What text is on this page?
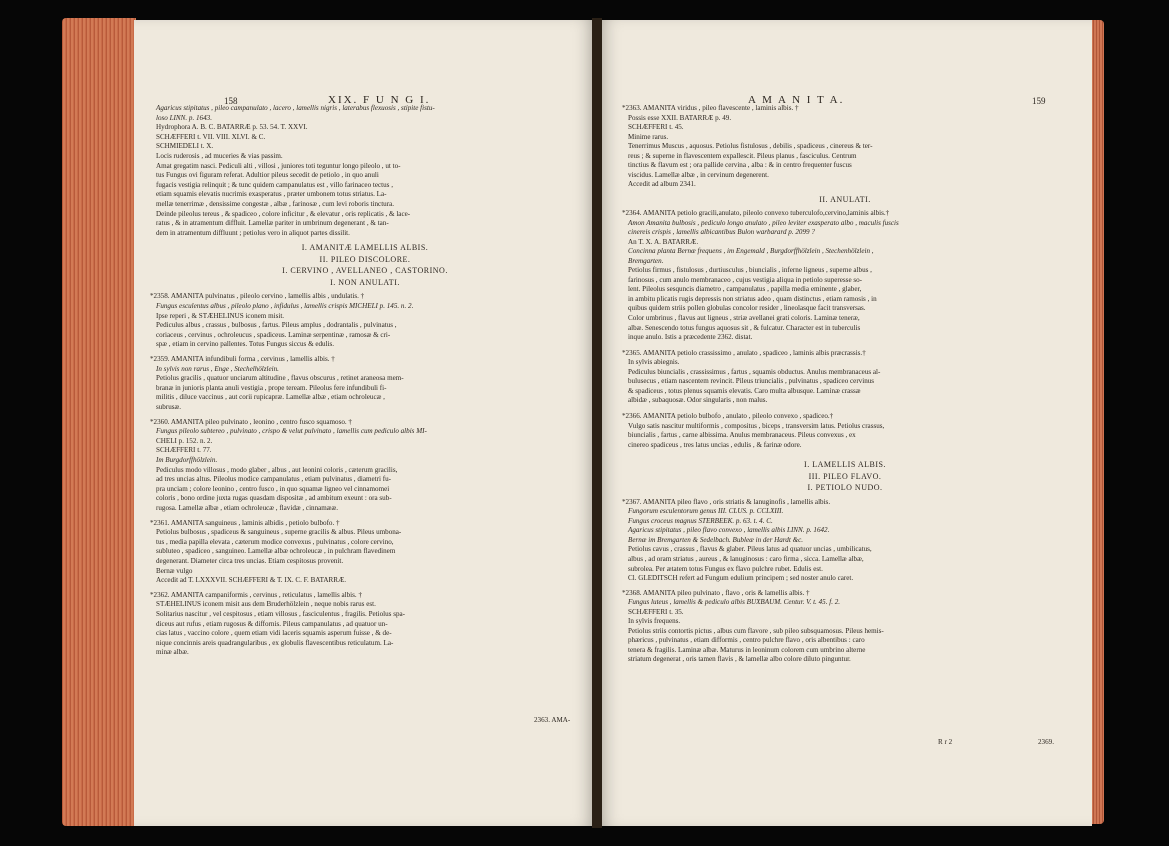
158	XIX. F U N G I.
Agaricus stipitatus , pileo campanulato , lacero , lamellis nigris , laterabus flexuosis , stipite fistu-
loso LINN. p. 1643.
Hydrophora A. B. C. BATARRÆ p. 53. 54. T. XXVI.
SCHÆFFERI t. VII. VIII. XLVI. & C.
SCHMIEDELI t. X.
Locis ruderosis , ad muceries & vias passim.
Amat gregatim nasci. Pediculi alti , villosi , juniores toti teguntur longo pileolo , ut to-
tus Fungus ovi figuram referat. Adultior pileus secedit de petiolo , in quo anuli
fugacis vestigia relinquit ; & tunc quidem campanulatus est , villo farinaceo tectus ,
etiam squamis elevatis nucrimis exasperatus , præter umbonem totus striatus. La-
mellæ tenerrimæ , densissime congestæ , albæ , farinosæ , cum levi roboris tinctura.
Deinde pileolus tereus , & spadiceo , colore inficitur , & elevatur , oris replicatis , & lace-
ratus , & in atramentum diffluit. Lamellæ pariter in umbrinum degenerant , & tan-
dem in atramentum diffluunt ; petiolus vero in aliquot partes dissilit.
I. AMANITÆ LAMELLIS ALBIS.
II. PILEO DISCOLORE.
I. CERVINO , AVELLANEO , CASTORINO.
I. NON ANULATI.
*2358. AMANITA pulvinatus , pileolo cervino , lamellis albis , undulatis. †
Fungus esculentus albus , pileolo plano , infidulus , lamellis crispis MICHELI p. 145. n. 2.
Ipse reperi , & STÆHELINUS iconem misit.
Pediculus albus , crassus , bulbosus , fartus. Pileus amplus , dodrantalis , pulvinatus ,
coriaceus , cervinus , ochroleucus , spadiceus. Laminæ serpentinæ , ramosæ & cri-
spæ , etiam in cervino pallentes. Totus Fungus siccus & edulis.
*2359. AMANITA infundibuli forma , cervinus , lamellis albis. †
In sylvis non rarus , Enge , Stechelhölzlein.
Petiolus gracilis , quatuor unciarum altitudine , flavus obscurus , retinet araneosa mem-
branæ in junioris planta anuli vestigia , prope teream. Pileolus fere infundibuli fi-
militis , diluce vaccinus , aut corii rupicapræ. Lamellæ albæ , etiam ochroleucæ ,
subrusæ.
*2360. AMANITA pileo pulvinato , leonino , centro fusco squamoso. †
Fungus pileolo subtereo , pulvinato , crispo & velut pulvinato , lamellis cum pediculo albis MI-
CHELI p. 152. n. 2.
SCHÆFFERI t. 77.
Im Burgdorffhölzlein.
Pediculus modo villosus , modo glaber , albus , aut leonini coloris , cæterum gracilis,
ad tres uncias altus. Pileolus modice campanulatus , etiam pulvinatus , diametri fu-
pra unciam ; colore leonino , centro fusco , in quo squamæ ligneo vel cinnamomei
coloris , bono ordine juxta rugas quasdam dispositæ , ad ambitum exeunt : ora sub-
rugosa. Lamellæ albæ , etiam ochroleucæ , flavidæ , cinnamææ.
*2361. AMANITA sanguineus , laminis albidis , petiolo bulbofo. †
Petiolus bulbosus , spadiceus & sanguineus , superne gracilis & albus. Pileus umbona-
tus , media papilla elevata , cæterum modice convexus , pulvinatus , colore cervino,
subluteo , spadiceo , sanguineo. Lamellæ albæ ochroleucæ , in pulchram flavedinem
degenerant. Diameter circa tres uncias. Etiam cespitosus provenit.
Bernæ vulgo
Accedit ad T. LXXXVII. SCHÆFFERI & T. IX. C. F. BATARRÆ.
*2362. AMANITA campaniformis , cervinus , reticulatus , lamellis albis. †
STÆHELINUS iconem misit aus dem Bruderhölzlein , neque nobis rarus est.
Solitarius nascitur , vel cespitosus , etiam villosus , fasciculentus , fragilis. Petiolus spa-
diceus aut rufus , etiam rugosus & diffornis. Pileus campanulatus , ad quatuor un-
cias latus , vaccino colore , quem etiam vidi laceris squamis asperum fuisse , & de-
nique concinnis areis quadrangularibus , ex globulis flavescentibus reticulatum. La-
minæ albæ.
2363. AMA-
A M A N I T A.	159
*2363. AMANITA viridus , pileo flavescente , laminis albis. †
Possis esse XXII. BATARRÆ p. 49.
SCHÆFFERI t. 45.
Minime rarus.
Tenerrimus Muscus , aquosus. Petiolus fistulosus , debilis , spadiceus , cinereus & ter-
reus ; & superne in flavescentem expallescit. Pileus planus , fasciculus. Centrum
tinctius & flavum est ; ora pallide cervina , alba : & in centro frequenter fuscus
viscidus. Lamellæ albæ , in cervinum degenerent.
Accedit ad album 2341.
II. ANULATI.
*2364. AMANITA petiolo gracili,anulato, pileolo convexo tuberculofo,cervino,laminis albis.†
Amon Amanita bulbosis , pediculo longo anulato , pileo leviter exasperato albo , maculis fuscis
cinereis crispis , lamellis albicantibus Bulon warbarard p. 2099 ?
An T. X. A. BATARRÆ.
Concinna planta Bernæ frequens , im Engemald , Burgdorffhölzlein , Stechenhölzlein ,
Bremgarten.
Petiolus firmus , fistulosus , durtiusculus , biuncialis , inferne ligneus , superne albus ,
farinosus , cum anulo membranaceo , cujus vestigia aliqua in petiolo superesse so-
lent. Pileolus sesquncis diametro , campanulatus , papilla media eminente , glaber,
in ambitu plicatis rugis depressis non striatus adeo , quam distinctus , etiam ramosis , in
quibus quidem striis pollen globulas concolor resider , lineolasque facit transversas.
Color umbrinus , flavus aut ligneus , striæ avellanei grati coloris. Laminæ teneræ,
albæ. Senescendo totus fungus aquosus sit , & fulcatur. Character est in tuberculis
inque anulo. Istis a præcedente 2362. distat.
*2365. AMANITA petiolo crassissimo , anulato , spadiceo , laminis albis præcrassis.†
In sylvis abiegnis.
Pediculus biuncialis , crassissimus , fartus , squamis obductus. Anulus membranaceus al-
bulusecus , etiam nascentem revincit. Pileus triuncialis , pulvinatus , spadiceo cervinus
& spadiceus , totus plenus squamis elevatis. Caro multa albusque. Laminæ crassæ
albidæ , subaquosæ. Odor singularis , non malus.
*2366. AMANITA petiolo bulbofo , anulato , pileolo convexo , spadiceo.†
Vulgo satis nascitur multiformis , compositus , biceps , transversim latus. Petiolus crassus,
biuncialis , fartus , carne albissima. Anulus membranaceus. Pileus convexus , ex
cinereo spadiceus , tres latus uncias , edulis , & farinæ odore.
I. LAMELLIS ALBIS.
III. PILEO FLAVO.
I. PETIOLO NUDO.
*2367. AMANITA pileo flavo , oris striatis & lanuginofis , lamellis albis.
Fungorum esculentorum genus III. CLUS. p. CCLXIII.
Fungus croceus magnus STERBEEK. p. 63. t. 4. C.
Agaricus stipitatus , pileo flavo convexo , lamellis albis LINN. p. 1642.
Bernæ im Bremgarten & Sedelbach. Bubleæ in der Hardt &c.
Petiolus cavus , crassus , flavus & glaber. Pileus latus ad quatuor uncias , umbilicatus,
albus , ad oram striatus , aureus , & lanuginosus : caro firma , sicca. Lamellæ albæ,
subrolea. Per ætatem totus Fungus ex flavo pulchre rubet. Edulis est.
Cl. GLEDITSCH refert ad Fungum edulium principem ; sed noster anulo caret.
*2368. AMANITA pileo pulvinato , flavo , oris & lamellis albis. †
Fungus luteus , lamellis & pediculo albis BUXBAUM. Centur. V. t. 45. f. 2.
SCHÆFFERI t. 35.
In sylvis frequens.
Petiolus striis contortis pictus , albus cum flavore , sub pileo subsquamosus. Pileus hemis-
phæricus , pulvinatus , etiam difformis , centro pulchre flavo , oris albentibus : caro
tenera & fragilis. Laminæ albæ. Maturus in leoninum colorem cum umbrino alterne
striatum degenerat , oris tamen flavis , & lamellæ albo colore diluto pinguntur.
R r 2	2369.
